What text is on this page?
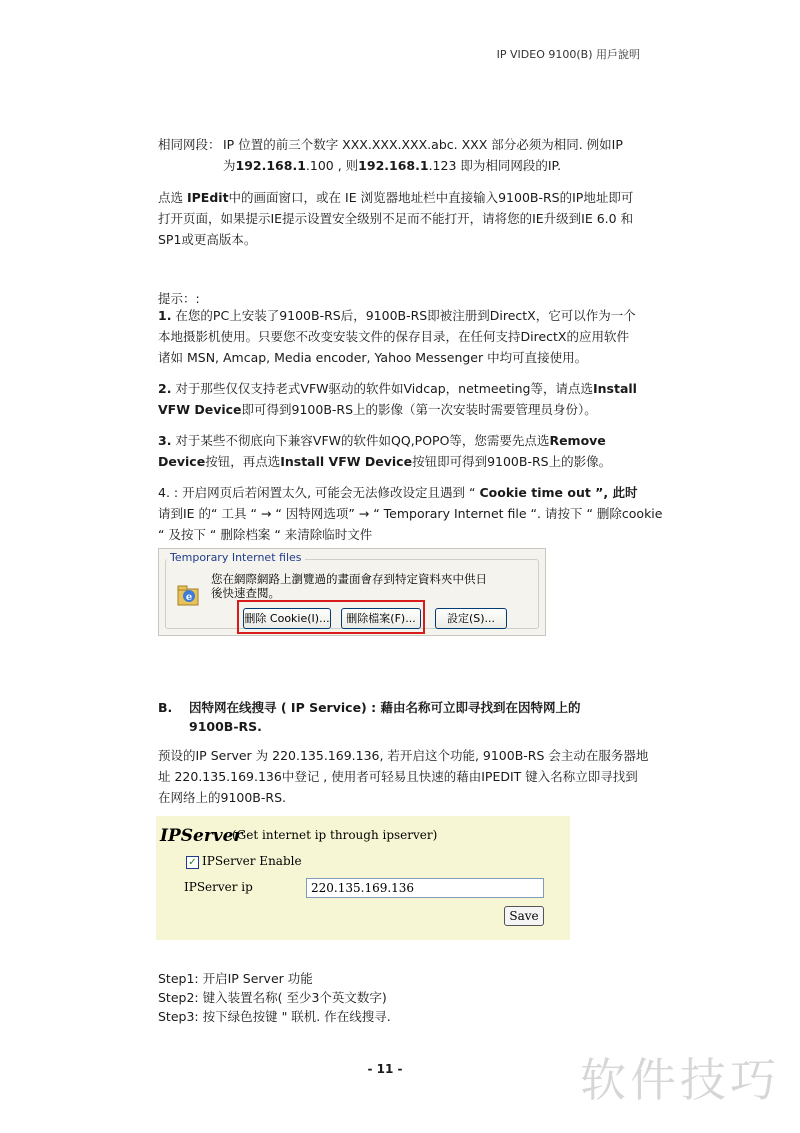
IP VIDEO 9100(B) 用戶說明
相同网段： IP 位置的前三个数字 XXX.XXX.XXX.abc. XXX 部分必须为相同. 例如IP
为192.168.1.100 , 则192.168.1.123 即为相同网段的IP.
点选 IPEdit中的画面窗口，或在 IE 浏览器地址栏中直接输入9100B-RS的IP地址即可
打开页面，如果提示IE提示设置安全级别不足而不能打开，请将您的IE升级到IE 6.0 和
SP1或更高版本。
提示：:
1. 在您的PC上安装了9100B-RS后，9100B-RS即被注册到DirectX，它可以作为一个
本地摄影机使用。只要您不改变安装文件的保存目录，在任何支持DirectX的应用软件
诸如 MSN, Amcap, Media encoder, Yahoo Messenger 中均可直接使用。
2. 对于那些仅仅支持老式VFW驱动的软件如Vidcap，netmeeting等，请点选Install
VFW Device即可得到9100B-RS上的影像（第一次安装时需要管理员身份）。
3. 对于某些不彻底向下兼容VFW的软件如QQ,POPO等，您需要先点选Remove
Device按钮，再点选Install VFW Device按钮即可得到9100B-RS上的影像。
4. : 开启网页后若闲置太久, 可能会无法修改设定且遇到 “ Cookie time out ”, 此时
请到IE 的“ 工具 “ → “ 因特网选项” → “ Temporary Internet file “. 请按下 “ 删除cookie
“ 及按下 “ 删除档案 “ 来清除临时文件
Temporary Internet files
e
您在網際網路上瀏覽過的畫面會存到特定資料夾中供日
後快速查閱。
刪除 Cookie(I)...	刪除檔案(F)...	設定(S)...
B. 因特网在线搜寻 ( IP Service) : 藉由名称可立即寻找到在因特网上的
9100B-RS.
预设的IP Server 为 220.135.169.136, 若开启这个功能, 9100B-RS 会主动在服务器地
址 220.135.169.136中登记 , 使用者可轻易且快速的藉由IPEDIT 键入名称立即寻找到
在网络上的9100B-RS.
IPServer
(Get internet ip through ipserver)
✓ IPServer Enable
IPServer ip	220.135.169.136
Save
Step1: 开启IP Server 功能
Step2: 键入装置名称( 至少3个英文数字)
Step3: 按下绿色按键 " 联机. 作在线搜寻.
- 11 -	软件技巧
